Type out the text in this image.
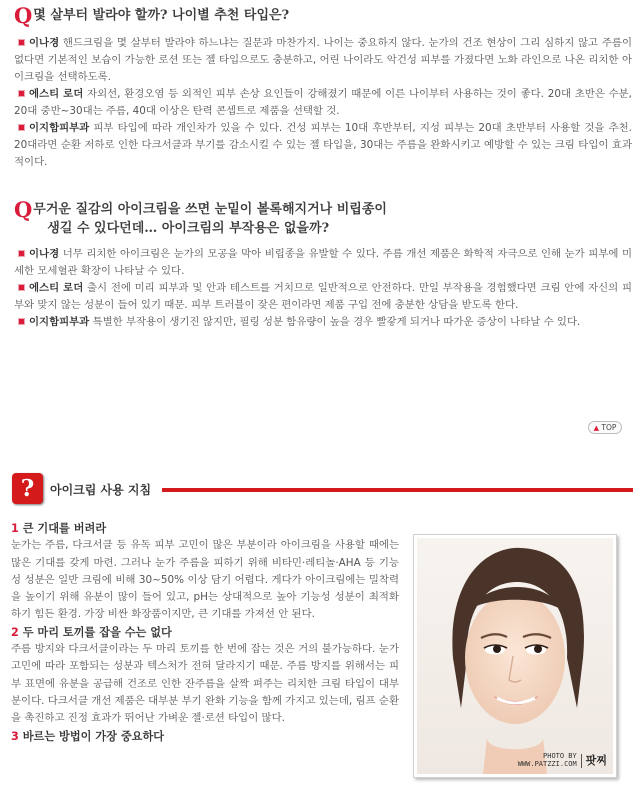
Q 몇 살부터 발라야 할까? 나이별 추천 타입은?

이나경 핸드크림을 몇 살부터 발라야 하느냐는 질문과 마찬가지. 나이는 중요하지 않다. 눈가의 건조 현상이 그리 심하지 않고 주름이 없다면 기본적인 보습이 가능한 로션 또는 젤 타입으로도 충분하고, 어린 나이라도 악건성 피부를 가졌다면 노화 라인으로 나온 리치한 아이크림을 선택하도록.

에스티 로더 자외선, 환경오염 등 외적인 피부 손상 요인들이 강해졌기 때문에 이른 나이부터 사용하는 것이 좋다. 20대 초반은 수분, 20대 중반~30대는 주름, 40대 이상은 탄력 콘셉트로 제품을 선택할 것.

이지함피부과 피부 타입에 따라 개인차가 있을 수 있다. 건성 피부는 10대 후반부터, 지성 피부는 20대 초반부터 사용할 것을 추천. 20대라면 순환 저하로 인한 다크서클과 부기를 감소시킬 수 있는 젤 타입을, 30대는 주름을 완화시키고 예방할 수 있는 크림 타입이 효과적이다.

Q 무거운 질감의 아이크림을 쓰면 눈밑이 볼록해지거나 비립종이
생길 수 있다던데… 아이크림의 부작용은 없을까?

이나경 너무 리치한 아이크림은 눈가의 모공을 막아 비립종을 유발할 수 있다. 주름 개선 제품은 화학적 자극으로 인해 눈가 피부에 미세한 모세혈관 확장이 나타날 수 있다.

에스티 로더 출시 전에 미리 피부과 및 안과 테스트를 거치므로 일반적으로 안전하다. 만일 부작용을 경험했다면 크림 안에 자신의 피부와 맞지 않는 성분이 들어 있기 때문. 피부 트러블이 잦은 편이라면 제품 구입 전에 충분한 상담을 받도록 한다.

이지함피부과 특별한 부작용이 생기진 않지만, 필링 성분 함유량이 높을 경우 빨갛게 되거나 따가운 증상이 나타날 수 있다.

▲ TOP
?	아이크림 사용 지침
1 큰 기대를 버려라
눈가는 주름, 다크서클 등 유독 피부 고민이 많은 부분이라 아이크림을 사용할 때에는 많은 기대를 갖게 마련. 그러나 눈가 주름을 피하기 위해 비타민·레티놀·AHA 등 기능성 성분은 일반 크림에 비해 30~50% 이상 담기 어렵다. 게다가 아이크림에는 밀착력을 높이기 위해 유분이 많이 들어 있고, pH는 상대적으로 높아 기능성 성분이 최적화하기 힘든 환경. 가장 비싼 화장품이지만, 큰 기대를 가져선 안 된다.
2 두 마리 토끼를 잡을 수는 없다
주름 방지와 다크서클이라는 두 마리 토끼를 한 번에 잡는 것은 거의 불가능하다. 눈가 고민에 따라 포함되는 성분과 텍스처가 전혀 달라지기 때문. 주름 방지를 위해서는 피부 표면에 유분을 공급해 건조로 인한 잔주름을 살짝 펴주는 리치한 크림 타입이 대부분이다. 다크서클 개선 제품은 대부분 부기 완화 기능을 함께 가지고 있는데, 림프 순환을 촉진하고 진정 효과가 뛰어난 가벼운 젤·로션 타입이 많다.
3 바르는 방법이 가장 중요하다
PHOTO BY
WWW.PATZZI.COM 팟찌
